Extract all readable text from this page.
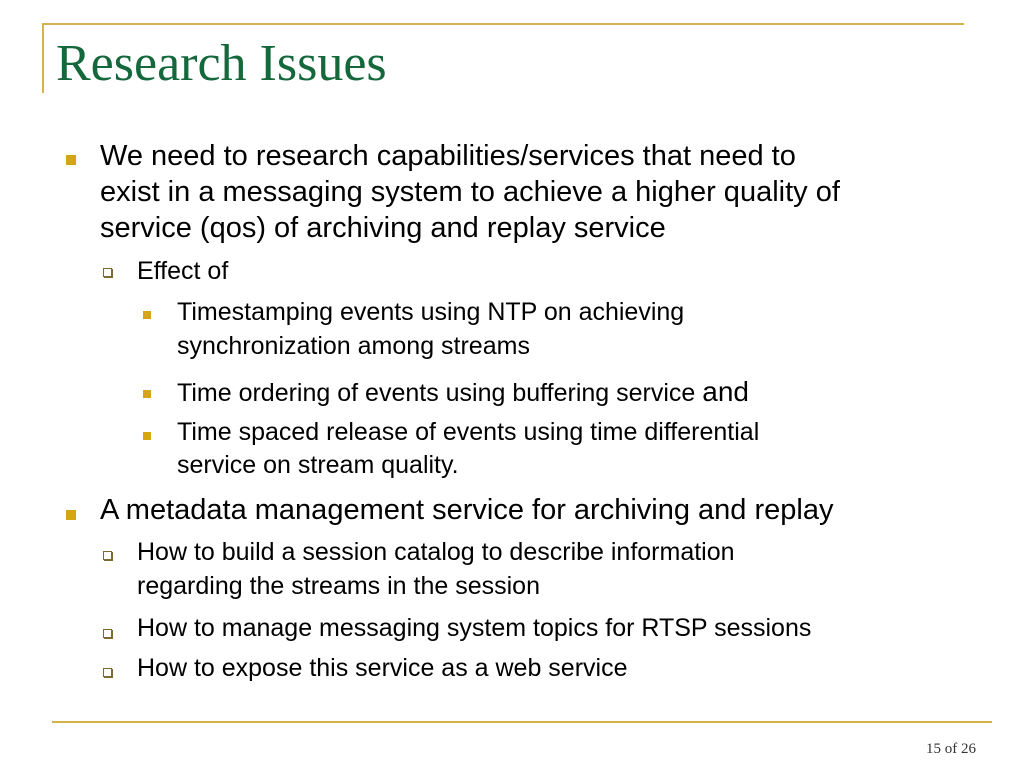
Research Issues
We need to research capabilities/services that need to
exist in a messaging system to achieve a higher quality of
service (qos) of archiving and replay service
Effect of
Timestamping events using NTP on achieving
synchronization among streams
Time ordering of events using buffering service and
Time spaced release of events using time differential
service on stream quality.
A metadata management service for archiving and replay
How to build a session catalog to describe information
regarding the streams in the session
How to manage messaging system topics for RTSP sessions
How to expose this service as a web service
15 of 26
